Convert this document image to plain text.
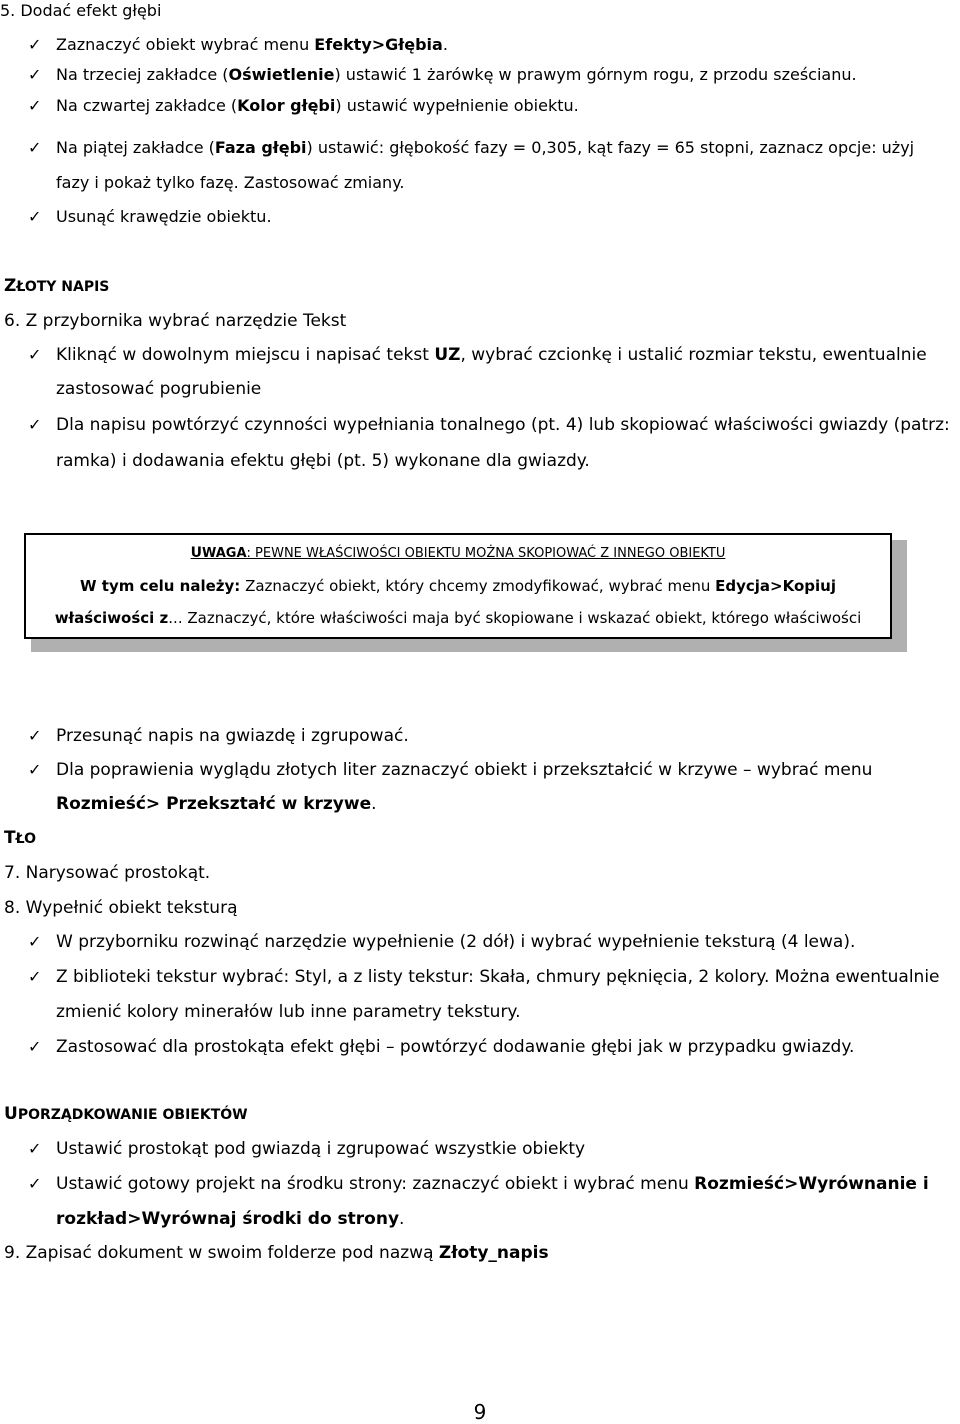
5. Dodać efekt głębi
✓ Zaznaczyć obiekt wybrać menu Efekty>Głębia.
✓ Na trzeciej zakładce (Oświetlenie) ustawić 1 żarówkę w prawym górnym rogu, z przodu sześcianu.
✓ Na czwartej zakładce (Kolor głębi) ustawić wypełnienie obiektu.
✓ Na piątej zakładce (Faza głębi) ustawić: głębokość fazy = 0,305, kąt fazy = 65 stopni, zaznacz opcje: użyj
fazy i pokaż tylko fazę. Zastosować zmiany.
✓ Usunąć krawędzie obiektu.
ZŁOTY NAPIS
6. Z przybornika wybrać narzędzie Tekst
✓ Kliknąć w dowolnym miejscu i napisać tekst UZ, wybrać czcionkę i ustalić rozmiar tekstu, ewentualnie
zastosować pogrubienie
✓ Dla napisu powtórzyć czynności wypełniania tonalnego (pt. 4) lub skopiować właściwości gwiazdy (patrz:
ramka) i dodawania efektu głębi (pt. 5) wykonane dla gwiazdy.
UWAGA: PEWNE WŁAŚCIWOŚCI OBIEKTU MOŻNA SKOPIOWAĆ Z INNEGO OBIEKTU
W tym celu należy: Zaznaczyć obiekt, który chcemy zmodyfikować, wybrać menu Edycja>Kopiuj
właściwości z... Zaznaczyć, które właściwości maja być skopiowane i wskazać obiekt, którego właściwości
✓ Przesunąć napis na gwiazdę i zgrupować.
✓ Dla poprawienia wyglądu złotych liter zaznaczyć obiekt i przekształcić w krzywe – wybrać menu
Rozmieść> Przekształć w krzywe.
TŁO
7. Narysować prostokąt.
8. Wypełnić obiekt teksturą
✓ W przyborniku rozwinąć narzędzie wypełnienie (2 dół) i wybrać wypełnienie teksturą (4 lewa).
✓ Z biblioteki tekstur wybrać: Styl, a z listy tekstur: Skała, chmury pęknięcia, 2 kolory. Można ewentualnie
zmienić kolory minerałów lub inne parametry tekstury.
✓ Zastosować dla prostokąta efekt głębi – powtórzyć dodawanie głębi jak w przypadku gwiazdy.
UPORZĄDKOWANIE OBIEKTÓW
✓ Ustawić prostokąt pod gwiazdą i zgrupować wszystkie obiekty
✓ Ustawić gotowy projekt na środku strony: zaznaczyć obiekt i wybrać menu Rozmieść>Wyrównanie i
rozkład>Wyrównaj środki do strony.
9. Zapisać dokument w swoim folderze pod nazwą Złoty_napis
9
